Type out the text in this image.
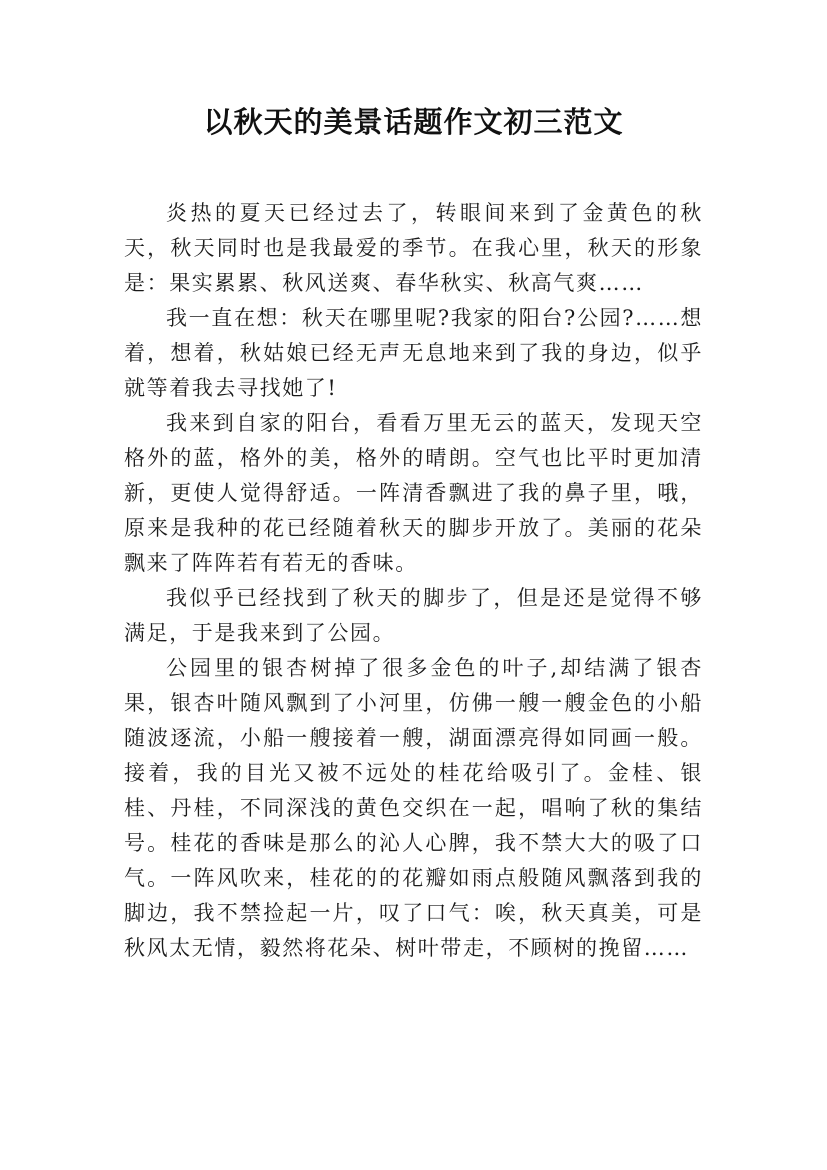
以秋天的美景话题作文初三范文

炎热的夏天已经过去了，转眼间来到了金黄色的秋天，秋天同时也是我最爱的季节。在我心里，秋天的形象是：果实累累、秋风送爽、春华秋实、秋高气爽……

我一直在想：秋天在哪里呢?我家的阳台?公园?……想着，想着，秋姑娘已经无声无息地来到了我的身边，似乎就等着我去寻找她了!

我来到自家的阳台，看看万里无云的蓝天，发现天空格外的蓝，格外的美，格外的晴朗。空气也比平时更加清新，更使人觉得舒适。一阵清香飘进了我的鼻子里，哦，原来是我种的花已经随着秋天的脚步开放了。美丽的花朵飘来了阵阵若有若无的香味。

我似乎已经找到了秋天的脚步了，但是还是觉得不够满足，于是我来到了公园。

公园里的银杏树掉了很多金色的叶子,却结满了银杏果，银杏叶随风飘到了小河里，仿佛一艘一艘金色的小船随波逐流，小船一艘接着一艘，湖面漂亮得如同画一般。接着，我的目光又被不远处的桂花给吸引了。金桂、银桂、丹桂，不同深浅的黄色交织在一起，唱响了秋的集结号。桂花的香味是那么的沁人心脾，我不禁大大的吸了口气。一阵风吹来，桂花的的花瓣如雨点般随风飘落到我的脚边，我不禁捡起一片，叹了口气：唉，秋天真美，可是秋风太无情，毅然将花朵、树叶带走，不顾树的挽留……
